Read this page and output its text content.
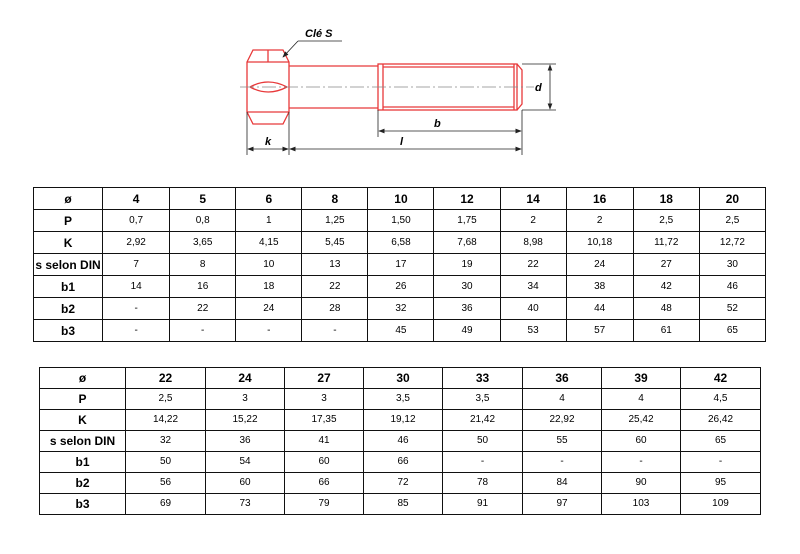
Clé S
d
b
k	l
ø	4	5	6	8	10	12	14	16	18	20
P	0,7	0,8	1	1,25	1,50	1,75	2	2	2,5	2,5
K	2,92	3,65	4,15	5,45	6,58	7,68	8,98	10,18	11,72	12,72
s selon DIN	7	8	10	13	17	19	22	24	27	30
b1	14	16	18	22	26	30	34	38	42	46
b2	-	22	24	28	32	36	40	44	48	52
b3	-	-	-	-	45	49	53	57	61	65
ø	22	24	27	30	33	36	39	42
P	2,5	3	3	3,5	3,5	4	4	4,5
K	14,22	15,22	17,35	19,12	21,42	22,92	25,42	26,42
s selon DIN	32	36	41	46	50	55	60	65
b1	50	54	60	66	-	-	-	-
b2	56	60	66	72	78	84	90	95
b3	69	73	79	85	91	97	103	109
